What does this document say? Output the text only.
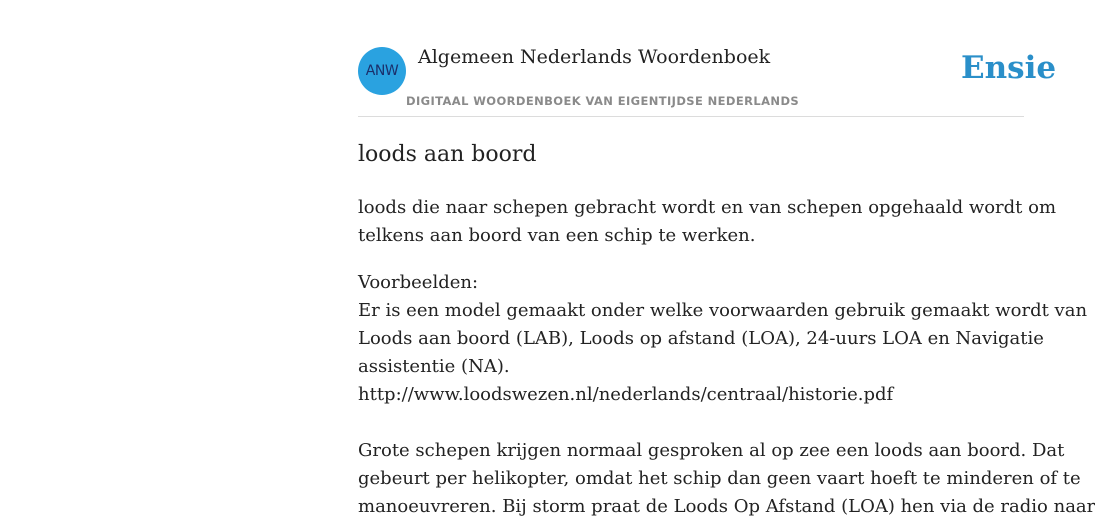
ANW
Algemeen Nederlands Woordenboek
DIGITAAL WOORDENBOEK VAN EIGENTIJDSE NEDERLANDS
Ensie
loods aan boord

loods die naar schepen gebracht wordt en van schepen opgehaald wordt om

telkens aan boord van een schip te werken.

Voorbeelden:

Er is een model gemaakt onder welke voorwaarden gebruik gemaakt wordt van

Loods aan boord (LAB), Loods op afstand (LOA), 24-uurs LOA en Navigatie

assistentie (NA).

http://www.loodswezen.nl/nederlands/centraal/historie.pdf

Grote schepen krijgen normaal gesproken al op zee een loods aan boord. Dat

gebeurt per helikopter, omdat het schip dan geen vaart hoeft te minderen of te

manoeuvreren. Bij storm praat de Loods Op Afstand (LOA) hen via de radio naar
